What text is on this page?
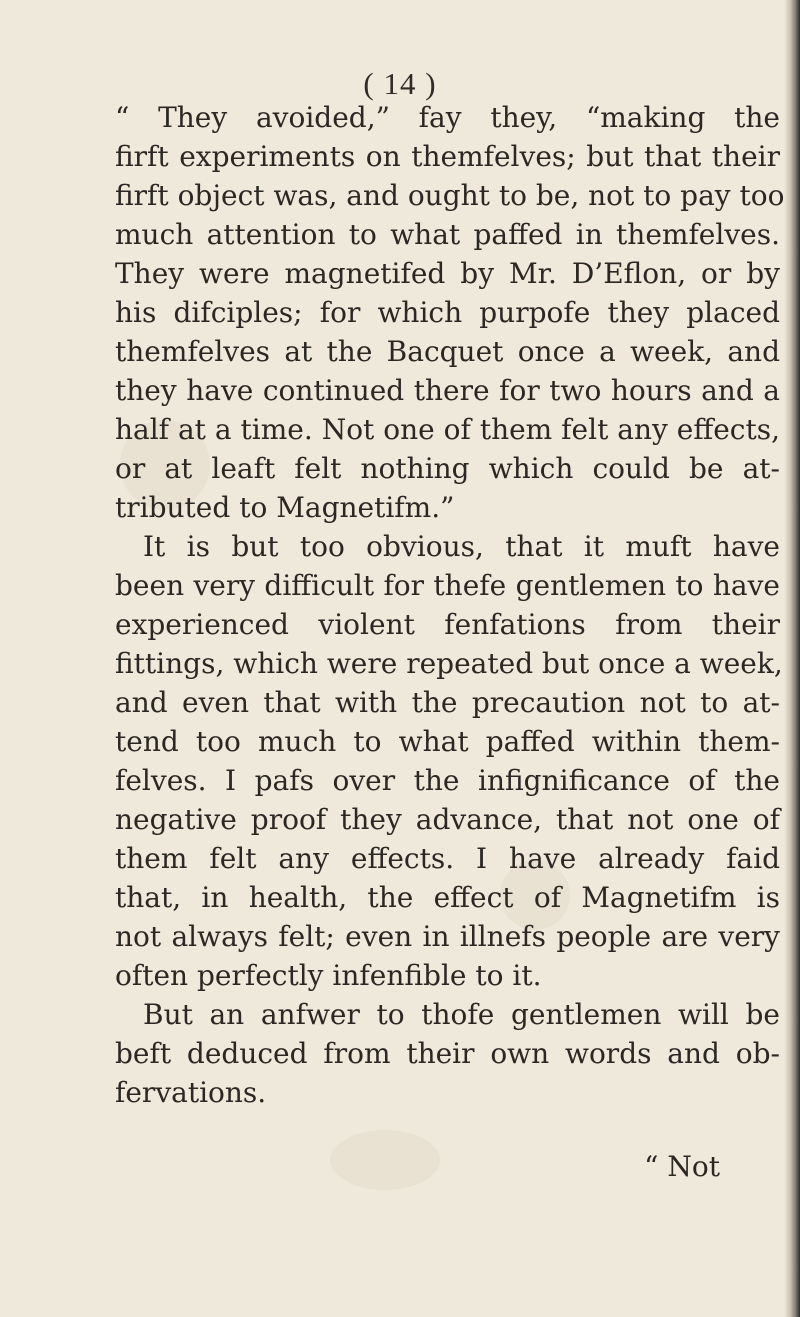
( 14 )
“ They avoided,” fay they, “making the
firft experiments on themfelves; but that their
firft object was, and ought to be, not to pay too
much attention to what paffed in themfelves.
They were magnetifed by Mr. D’Eflon, or by
his difciples; for which purpofe they placed
themfelves at the Bacquet once a week, and
they have continued there for two hours and a
half at a time. Not one of them felt any effects,
or at leaft felt nothing which could be at-
tributed to Magnetifm.”
It is but too obvious, that it muft have
been very difficult for thefe gentlemen to have
experienced violent fenfations from their
fittings, which were repeated but once a week,
and even that with the precaution not to at-
tend too much to what paffed within them-
felves. I pafs over the infignificance of the
negative proof they advance, that not one of
them felt any effects. I have already faid
that, in health, the effect of Magnetifm is
not always felt; even in illnefs people are very
often perfectly infenfible to it.
But an anfwer to thofe gentlemen will be
beft deduced from their own words and ob-
fervations.
“ Not
